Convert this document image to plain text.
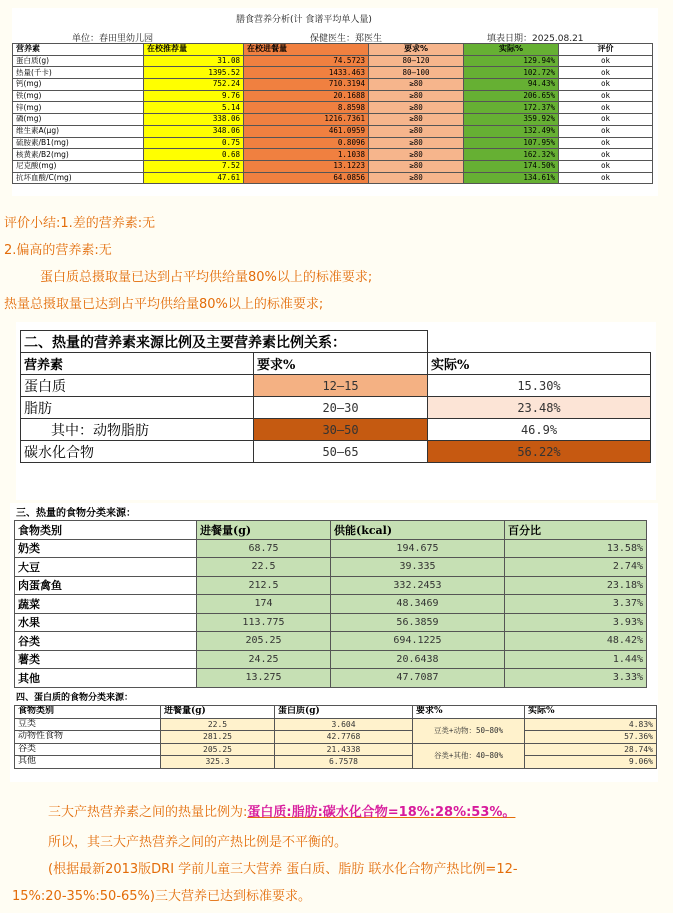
膳食营养分析(计 食谱平均单人量)
单位：春田里幼儿园	保健医生：郑医生	填表日期：2025.08.21
营养素	在校推荐量	在校进餐量	要求%	实际%	评价
蛋白质(g)	31.08	74.5723	80—120	129.94%	ok
热量(千卡)	1395.52	1433.463	80—100	102.72%	ok
钙(mg)	752.24	710.3194	≥80	94.43%	ok
铁(mg)	9.76	20.1688	≥80	206.65%	ok
锌(mg)	5.14	8.8598	≥80	172.37%	ok
磷(mg)	338.06	1216.7361	≥80	359.92%	ok
维生素A(μg)	348.06	461.0959	≥80	132.49%	ok
硫胺素/B1(mg)	0.75	0.8096	≥80	107.95%	ok
核黄素/B2(mg)	0.68	1.1038	≥80	162.32%	ok
尼克酸(mg)	7.52	13.1223	≥80	174.50%	ok
抗坏血酸/C(mg)	47.61	64.0856	≥80	134.61%	ok
评价小结:1.差的营养素:无
2.偏高的营养素:无
蛋白质总摄取量已达到占平均供给量80%以上的标准要求;
热量总摄取量已达到占平均供给量80%以上的标准要求;
二、热量的营养素来源比例及主要营养素比例关系：		
营养素	要求%	实际%
蛋白质	12—15	15.30%
脂肪	20—30	23.48%
其中：动物脂肪	30—50	46.9%
碳水化合物	50—65	56.22%
三、热量的食物分类来源：
食物类别	进餐量(g)	供能(kcal)	百分比
奶类	68.75	194.675	13.58%
大豆	22.5	39.335	2.74%
肉蛋禽鱼	212.5	332.2453	23.18%
蔬菜	174	48.3469	3.37%
水果	113.775	56.3859	3.93%
谷类	205.25	694.1225	48.42%
薯类	24.25	20.6438	1.44%
其他	13.275	47.7087	3.33%
四、蛋白质的食物分类来源：
食物类别	进餐量(g)	蛋白质(g)	要求%	实际%
豆类	22.5	3.604	豆类+动物：50~80%	4.83%
动物性食物	281.25	42.7768		57.36%
谷类	205.25	21.4338	谷类+其他：40~80%	28.74%
其他	325.3	6.7578		9.06%
三大产热营养素之间的热量比例为:蛋白质:脂肪:碳水化合物=18%:28%:53%。
所以，其三大产热营养之间的产热比例是不平衡的。
(根据最新2013版DRI 学前儿童三大营养 蛋白质、脂肪 联水化合物产热比例=12-
15%:20-35%:50-65%)三大营养已达到标准要求。
